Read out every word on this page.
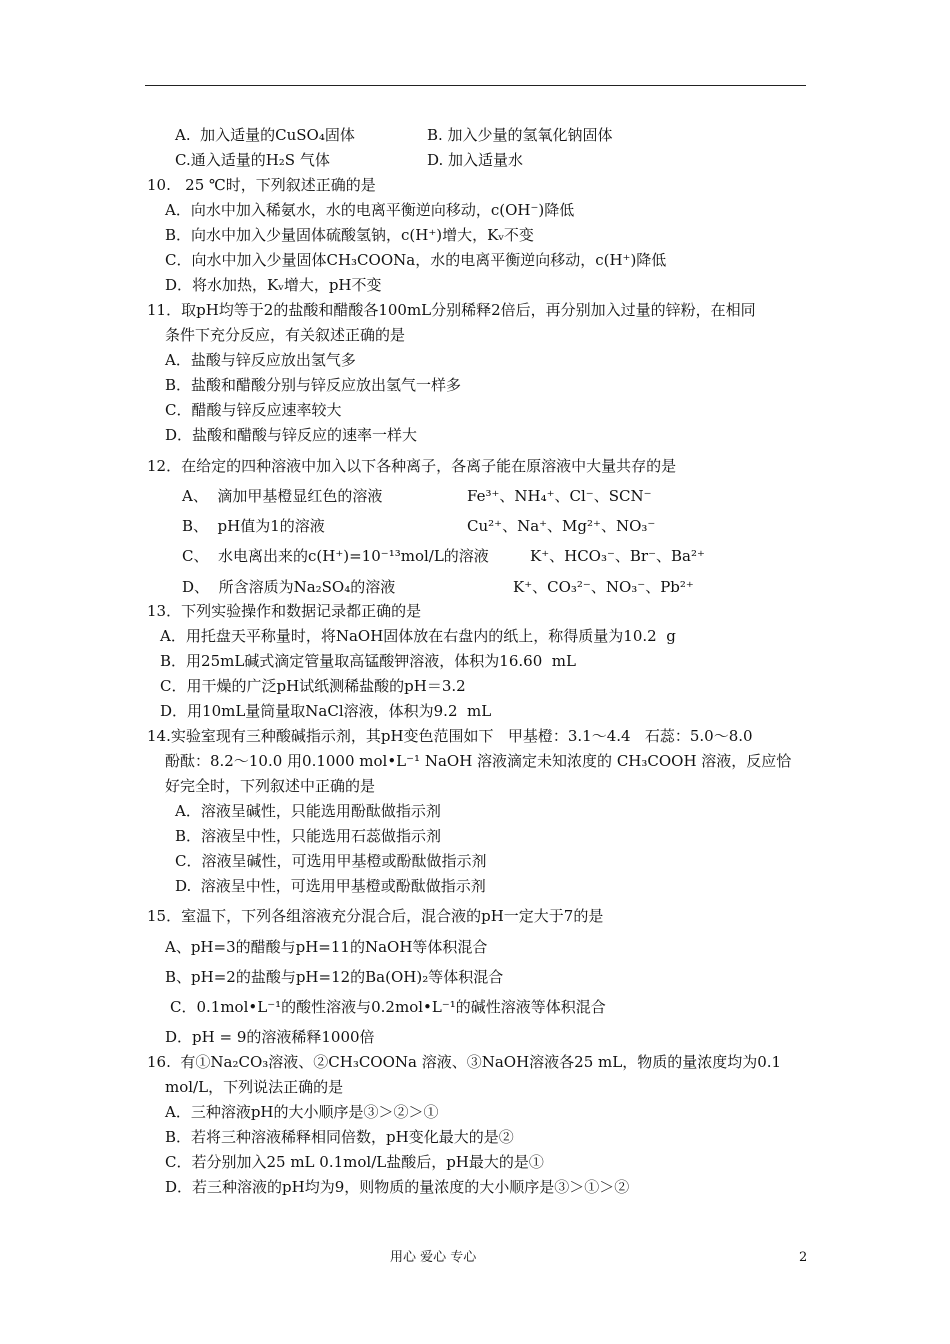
A.  加入适量的CuSO₄固体	B. 加入少量的氢氧化钠固体
C.通入适量的H₂S 气体	D. 加入适量水
10.   25 ℃时，下列叙述正确的是
A．向水中加入稀氨水，水的电离平衡逆向移动，c(OH⁻)降低
B．向水中加入少量固体硫酸氢钠，c(H⁺)增大，Kᵥ不变
C．向水中加入少量固体CH₃COONa，水的电离平衡逆向移动，c(H⁺)降低
D．将水加热，Kᵥ增大，pH不变
11．取pH均等于2的盐酸和醋酸各100mL分别稀释2倍后，再分别加入过量的锌粉，在相同
条件下充分反应，有关叙述正确的是
A．盐酸与锌反应放出氢气多
B．盐酸和醋酸分别与锌反应放出氢气一样多
C．醋酸与锌反应速率较大
D．盐酸和醋酸与锌反应的速率一样大
12．在给定的四种溶液中加入以下各种离子，各离子能在原溶液中大量共存的是
A、  滴加甲基橙显红色的溶液	Fe³⁺、NH₄⁺、Cl⁻、SCN⁻
B、  pH值为1的溶液	Cu²⁺、Na⁺、Mg²⁺、NO₃⁻
C、  水电离出来的c(H⁺)=10⁻¹³mol/L的溶液	K⁺、HCO₃⁻、Br⁻、Ba²⁺
D、  所含溶质为Na₂SO₄的溶液	K⁺、CO₃²⁻、NO₃⁻、Pb²⁺
13．下列实验操作和数据记录都正确的是
A．用托盘天平称量时，将NaOH固体放在右盘内的纸上，称得质量为10.2  g
B．用25mL碱式滴定管量取高锰酸钾溶液，体积为16.60  mL
C．用干燥的广泛pH试纸测稀盐酸的pH＝3.2
D．用10mL量筒量取NaCl溶液，体积为9.2  mL
14.实验室现有三种酸碱指示剂，其pH变色范围如下   甲基橙：3.1～4.4   石蕊：5.0～8.0
酚酞：8.2～10.0 用0.1000 mol•L⁻¹ NaOH 溶液滴定未知浓度的 CH₃COOH 溶液，反应恰
好完全时，下列叙述中正确的是
A．溶液呈碱性，只能选用酚酞做指示剂
B．溶液呈中性，只能选用石蕊做指示剂
C．溶液呈碱性，可选用甲基橙或酚酞做指示剂
D.  溶液呈中性，可选用甲基橙或酚酞做指示剂
15．室温下，下列各组溶液充分混合后，混合液的pH一定大于7的是
A、pH=3的醋酸与pH=11的NaOH等体积混合
B、pH=2的盐酸与pH=12的Ba(OH)₂等体积混合
C．0.1mol•L⁻¹的酸性溶液与0.2mol•L⁻¹的碱性溶液等体积混合
D．pH = 9的溶液稀释1000倍
16.  有①Na₂CO₃溶液、②CH₃COONa 溶液、③NaOH溶液各25 mL，物质的量浓度均为0.1
mol/L，下列说法正确的是
A．三种溶液pH的大小顺序是③＞②＞①
B．若将三种溶液稀释相同倍数，pH变化最大的是②
C．若分别加入25 mL 0.1mol/L盐酸后，pH最大的是①
D．若三种溶液的pH均为9，则物质的量浓度的大小顺序是③＞①＞②
用心 爱心 专心	2
